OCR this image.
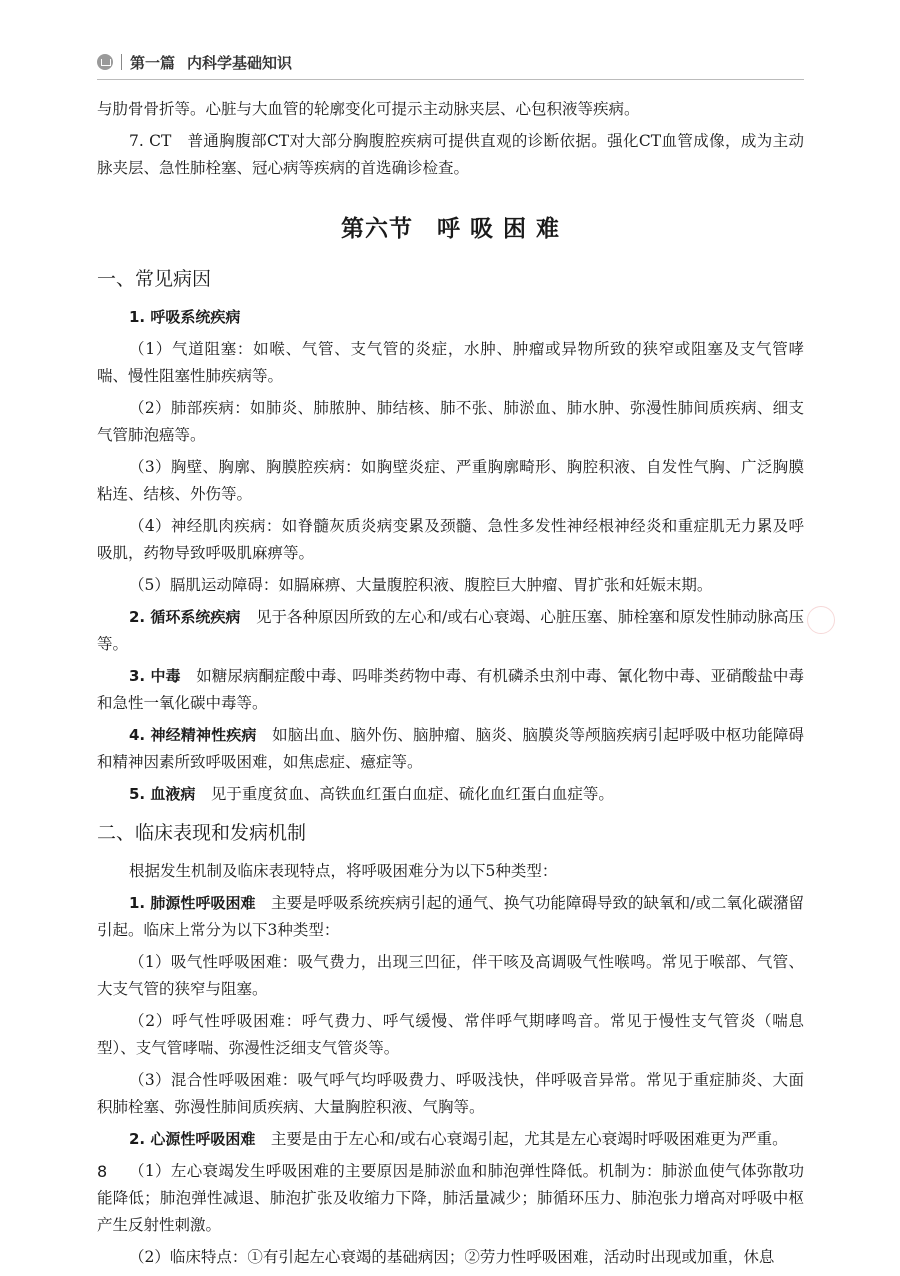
第一篇 内科学基础知识

与肋骨骨折等。心脏与大血管的轮廓变化可提示主动脉夹层、心包积液等疾病。

7. CT　普通胸腹部CT对大部分胸腹腔疾病可提供直观的诊断依据。强化CT血管成像，成为主动脉夹层、急性肺栓塞、冠心病等疾病的首选确诊检查。

第六节　呼 吸 困 难
一、常见病因

1. 呼吸系统疾病

（1）气道阻塞：如喉、气管、支气管的炎症，水肿、肿瘤或异物所致的狭窄或阻塞及支气管哮喘、慢性阻塞性肺疾病等。

（2）肺部疾病：如肺炎、肺脓肿、肺结核、肺不张、肺淤血、肺水肿、弥漫性肺间质疾病、细支气管肺泡癌等。

（3）胸壁、胸廓、胸膜腔疾病：如胸壁炎症、严重胸廓畸形、胸腔积液、自发性气胸、广泛胸膜粘连、结核、外伤等。

（4）神经肌肉疾病：如脊髓灰质炎病变累及颈髓、急性多发性神经根神经炎和重症肌无力累及呼吸肌，药物导致呼吸肌麻痹等。

（5）膈肌运动障碍：如膈麻痹、大量腹腔积液、腹腔巨大肿瘤、胃扩张和妊娠末期。

2. 循环系统疾病　见于各种原因所致的左心和/或右心衰竭、心脏压塞、肺栓塞和原发性肺动脉高压等。

3. 中毒　如糖尿病酮症酸中毒、吗啡类药物中毒、有机磷杀虫剂中毒、氰化物中毒、亚硝酸盐中毒和急性一氧化碳中毒等。

4. 神经精神性疾病　如脑出血、脑外伤、脑肿瘤、脑炎、脑膜炎等颅脑疾病引起呼吸中枢功能障碍和精神因素所致呼吸困难，如焦虑症、癔症等。

5. 血液病　见于重度贫血、高铁血红蛋白血症、硫化血红蛋白血症等。

二、临床表现和发病机制

根据发生机制及临床表现特点，将呼吸困难分为以下5种类型：

1. 肺源性呼吸困难　主要是呼吸系统疾病引起的通气、换气功能障碍导致的缺氧和/或二氧化碳潴留引起。临床上常分为以下3种类型：

（1）吸气性呼吸困难：吸气费力，出现三凹征，伴干咳及高调吸气性喉鸣。常见于喉部、气管、大支气管的狭窄与阻塞。

（2）呼气性呼吸困难：呼气费力、呼气缓慢、常伴呼气期哮鸣音。常见于慢性支气管炎（喘息型）、支气管哮喘、弥漫性泛细支气管炎等。

（3）混合性呼吸困难：吸气呼气均呼吸费力、呼吸浅快，伴呼吸音异常。常见于重症肺炎、大面积肺栓塞、弥漫性肺间质疾病、大量胸腔积液、气胸等。

2. 心源性呼吸困难　主要是由于左心和/或右心衰竭引起，尤其是左心衰竭时呼吸困难更为严重。

（1）左心衰竭发生呼吸困难的主要原因是肺淤血和肺泡弹性降低。机制为：肺淤血使气体弥散功能降低；肺泡弹性减退、肺泡扩张及收缩力下降，肺活量减少；肺循环压力、肺泡张力增高对呼吸中枢产生反射性刺激。

（2）临床特点：①有引起左心衰竭的基础病因；②劳力性呼吸困难，活动时出现或加重，休息

8
